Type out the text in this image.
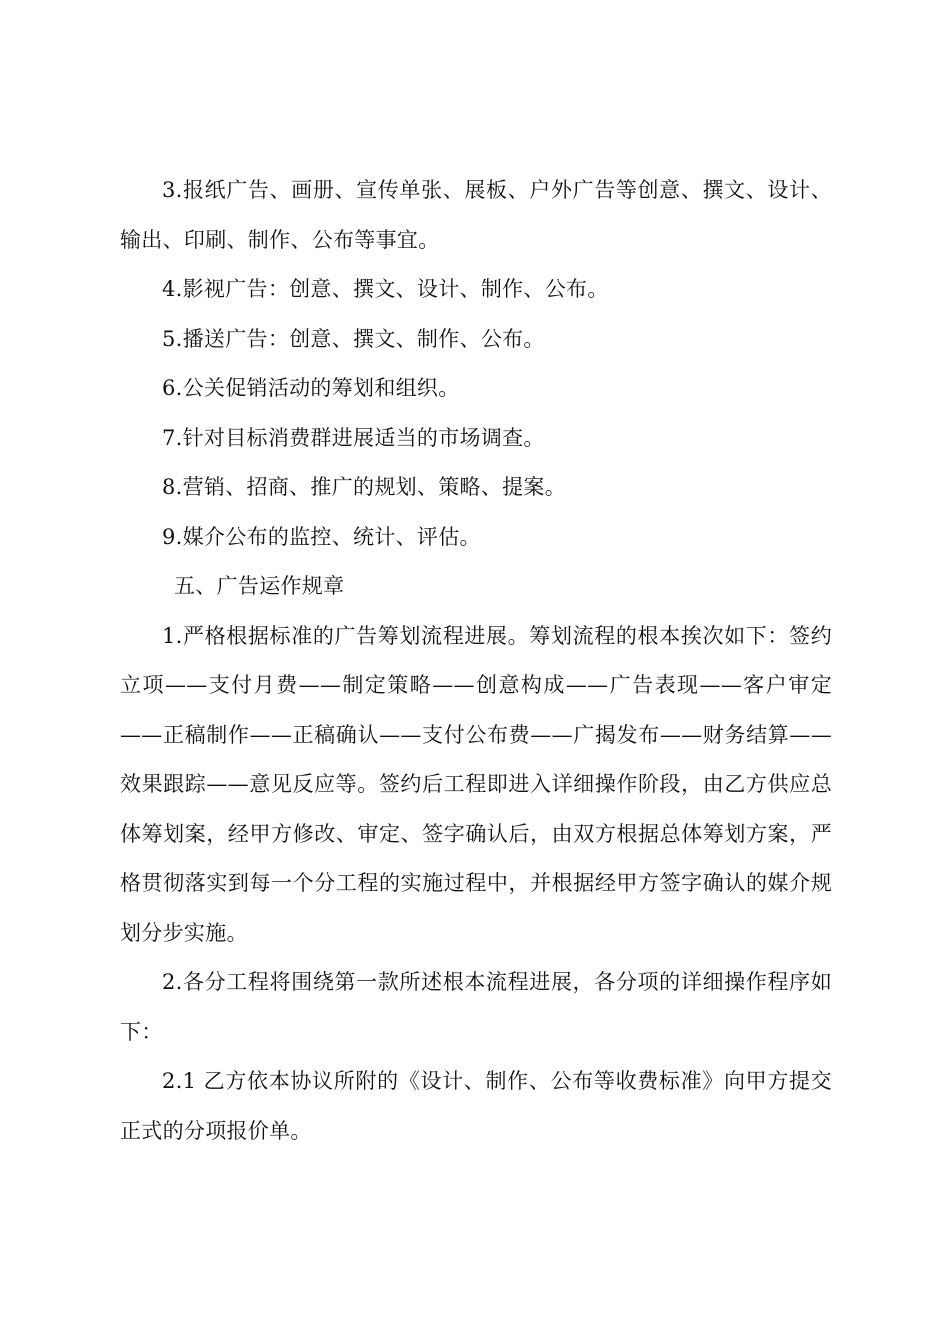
3.报纸广告、画册、宣传单张、展板、户外广告等创意、撰文、设计、输出、印刷、制作、公布等事宜。

4.影视广告：创意、撰文、设计、制作、公布。

5.播送广告：创意、撰文、制作、公布。

6.公关促销活动的筹划和组织。

7.针对目标消费群进展适当的市场调查。

8.营销、招商、推广的规划、策略、提案。

9.媒介公布的监控、统计、评估。

五、广告运作规章

1.严格根据标准的广告筹划流程进展。筹划流程的根本挨次如下：签约立项——支付月费——制定策略——创意构成——广告表现——客户审定——正稿制作——正稿确认——支付公布费——广揭发布——财务结算——效果跟踪——意见反应等。签约后工程即进入详细操作阶段，由乙方供应总体筹划案，经甲方修改、审定、签字确认后，由双方根据总体筹划方案，严格贯彻落实到每一个分工程的实施过程中，并根据经甲方签字确认的媒介规划分步实施。

2.各分工程将围绕第一款所述根本流程进展，各分项的详细操作程序如下：

2.1 乙方依本协议所附的《设计、制作、公布等收费标准》向甲方提交正式的分项报价单。
